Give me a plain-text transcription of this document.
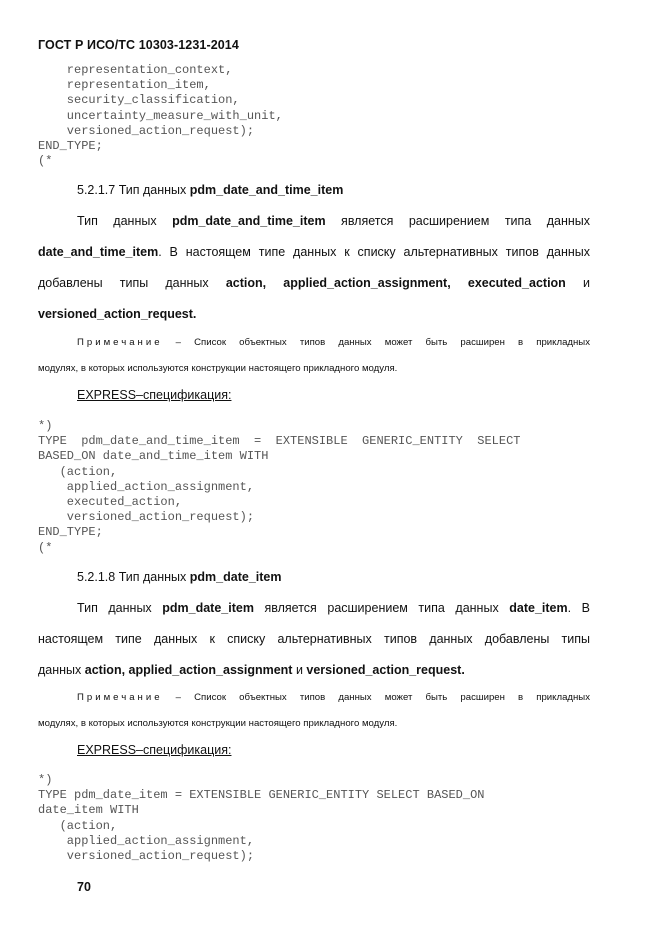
ГОСТ Р ИСО/ТС 10303-1231-2014
representation_context,
representation_item,
security_classification,
uncertainty_measure_with_unit,
versioned_action_request);
END_TYPE;
(*
5.2.1.7 Тип данных pdm_date_and_time_item
Тип данных pdm_date_and_time_item является расширением типа данных
date_and_time_item. В настоящем типе данных к списку альтернативных типов данных
добавлены типы данных action, applied_action_assignment, executed_action и
versioned_action_request.
Примечание – Список объектных типов данных может быть расширен в прикладных
модулях, в которых используются конструкции настоящего прикладного модуля.
EXPRESS–спецификация:
*)
TYPE  pdm_date_and_time_item  =  EXTENSIBLE  GENERIC_ENTITY  SELECT
BASED_ON date_and_time_item WITH
(action,
applied_action_assignment,
executed_action,
versioned_action_request);
END_TYPE;
(*
5.2.1.8 Тип данных pdm_date_item
Тип данных pdm_date_item является расширением типа данных date_item. В
настоящем типе данных к списку альтернативных типов данных добавлены типы
данных action, applied_action_assignment и versioned_action_request.
Примечание – Список объектных типов данных может быть расширен в прикладных
модулях, в которых используются конструкции настоящего прикладного модуля.
EXPRESS–спецификация:
*)
TYPE pdm_date_item = EXTENSIBLE GENERIC_ENTITY SELECT BASED_ON
date_item WITH
(action,
applied_action_assignment,
versioned_action_request);
70
